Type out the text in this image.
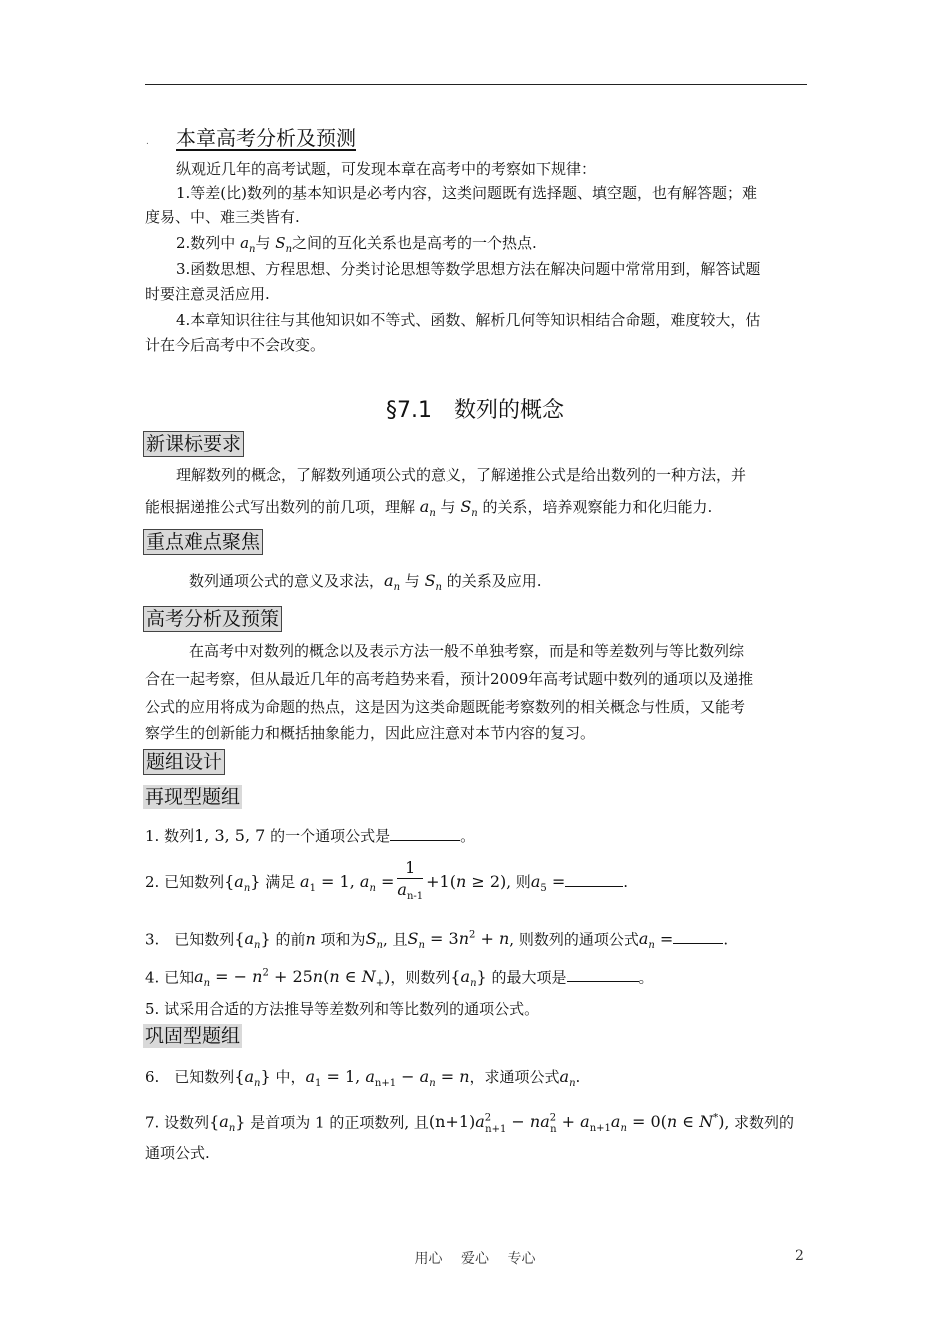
. 本章高考分析及预测
纵观近几年的高考试题，可发现本章在高考中的考察如下规律：
1.等差(比)数列的基本知识是必考内容，这类问题既有选择题、填空题，也有解答题；难
度易、中、难三类皆有.
2.数列中 $a_n$与 $S_n$之间的互化关系也是高考的一个热点.
3.函数思想、方程思想、分类讨论思想等数学思想方法在解决问题中常常用到，解答试题
时要注意灵活应用.
4.本章知识往往与其他知识如不等式、函数、解析几何等知识相结合命题，难度较大，估
计在今后高考中不会改变。
§7.1　数列的概念
新课标要求
理解数列的概念，了解数列通项公式的意义，了解递推公式是给出数列的一种方法，并
能根据递推公式写出数列的前几项，理解 $a_n$ 与 $S_n$ 的关系，培养观察能力和化归能力.
重点难点聚焦
数列通项公式的意义及求法，$a_n$ 与 $S_n$ 的关系及应用.
高考分析及预策
在高考中对数列的概念以及表示方法一般不单独考察，而是和等差数列与等比数列综
合在一起考察，但从最近几年的高考趋势来看，预计2009年高考试题中数列的通项以及递推
公式的应用将成为命题的热点，这是因为这类命题既能考察数列的相关概念与性质，又能考
察学生的创新能力和概括抽象能力，因此应注意对本节内容的复习。
题组设计
再现型题组
1. 数列1, 3, 5, 7 的一个通项公式是	。
2. 已知数列$\{a_n\}$ 满足 $a_1 = 1$, $a_n = \frac{1}{a_{n-1}} +1(n \ge 2)$, 则$a_5$ =	.
3.　已知数列$\{a_n\}$ 的前n 项和为$S_n$, 且$S_n = 3n^2 + n$, 则数列的通项公式$a_n$ =	.
4. 已知$a_n$ = − $n^2 + 25n(n$ ∈ $N_+$)，则数列$\{a_n\}$ 的最大项是	。
5. 试采用合适的方法推导等差数列和等比数列的通项公式。
巩固型题组
6.　已知数列$\{a_n\}$ 中，$a_1 = 1$, $a_{n+1} - a_n = n$，求通项公式$a_n$.
7. 设数列$\{a_n\}$ 是首项为 1 的正项数列, 且$(n+1)a^2_{n+1} - na^2_n + a_{n+1}a_n = 0(n$ ∈ N*), 求数列的
通项公式.
用心　 爱心　 专心	2
